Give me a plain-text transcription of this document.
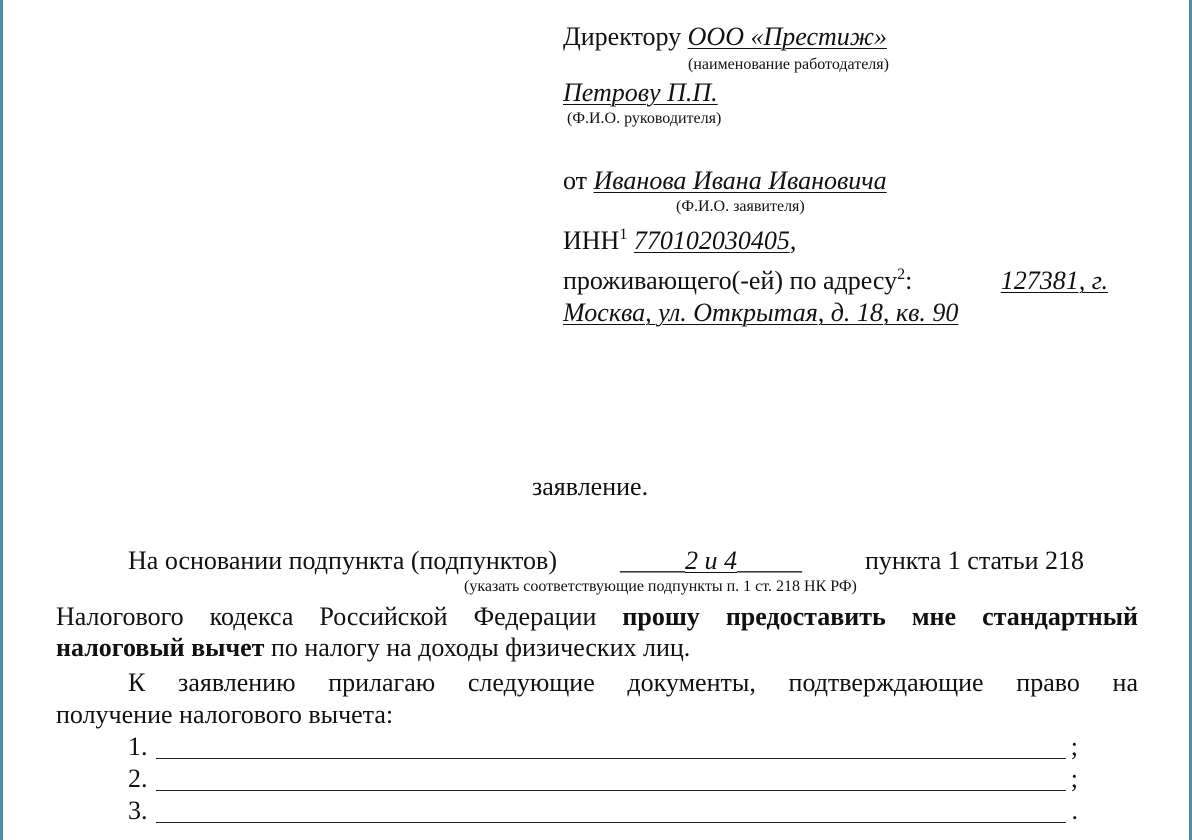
Директору ООО «Престиж»
(наименование работодателя)
Петрову П.П.
(Ф.И.О. руководителя)
от Иванова Ивана Ивановича
(Ф.И.О. заявителя)
ИНН$^1$ 770102030405,
проживающего(-ей) по адресу$^2$:	127381, г.
Москва, ул. Открытая, д. 18, кв. 90
заявление.
На основании подпункта (подпунктов) _____2 и 4_____ пункта 1 статьи 218
(указать соответствующие подпункты п. 1 ст. 218 НК РФ)
Налогового кодекса Российской Федерации прошу предоставить мне стандартный
налоговый вычет по налогу на доходы физических лиц.
К заявлению прилагаю следующие документы, подтверждающие право на
получение налогового вычета:
1.	;
2.	;
3.	.
